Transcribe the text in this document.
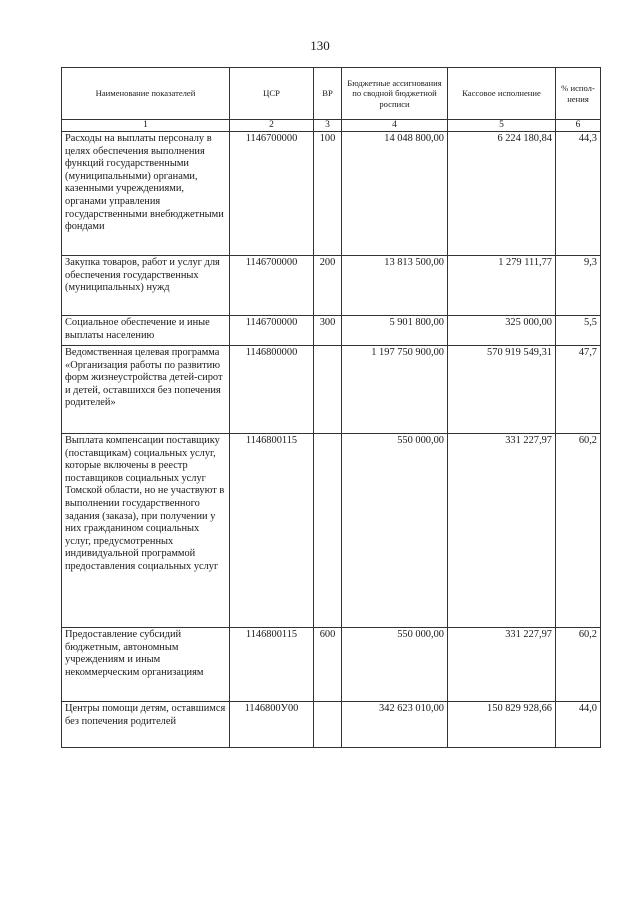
130
Наименование показателей	ЦСР	ВР	Бюджетные ассигнования по сводной бюджетной росписи	Кассовое исполнение	% испол-нения
1	2	3	4	5	6
Расходы на выплаты персоналу в целях обеспечения выполнения функций государственными (муниципальными) органами, казенными учреждениями, органами управления государственными внебюджетными фондами	1146700000	100	14 048 800,00	6 224 180,84	44,3
Закупка товаров, работ и услуг для обеспечения государственных (муниципальных) нужд	1146700000	200	13 813 500,00	1 279 111,77	9,3
Социальное обеспечение и иные выплаты населению	1146700000	300	5 901 800,00	325 000,00	5,5
Ведомственная целевая программа «Организация работы по развитию форм жизнеустройства детей-сирот и детей, оставшихся без попечения родителей»	1146800000		1 197 750 900,00	570 919 549,31	47,7
Выплата компенсации поставщику (поставщикам) социальных услуг, которые включены в реестр поставщиков социальных услуг Томской области, но не участвуют в выполнении государственного задания (заказа), при получении у них гражданином социальных услуг, предусмотренных индивидуальной программой предоставления социальных услуг	1146800115		550 000,00	331 227,97	60,2
Предоставление субсидий бюджетным, автономным учреждениям и иным некоммерческим организациям	1146800115	600	550 000,00	331 227,97	60,2
Центры помощи детям, оставшимся без попечения родителей	1146800У00		342 623 010,00	150 829 928,66	44,0
